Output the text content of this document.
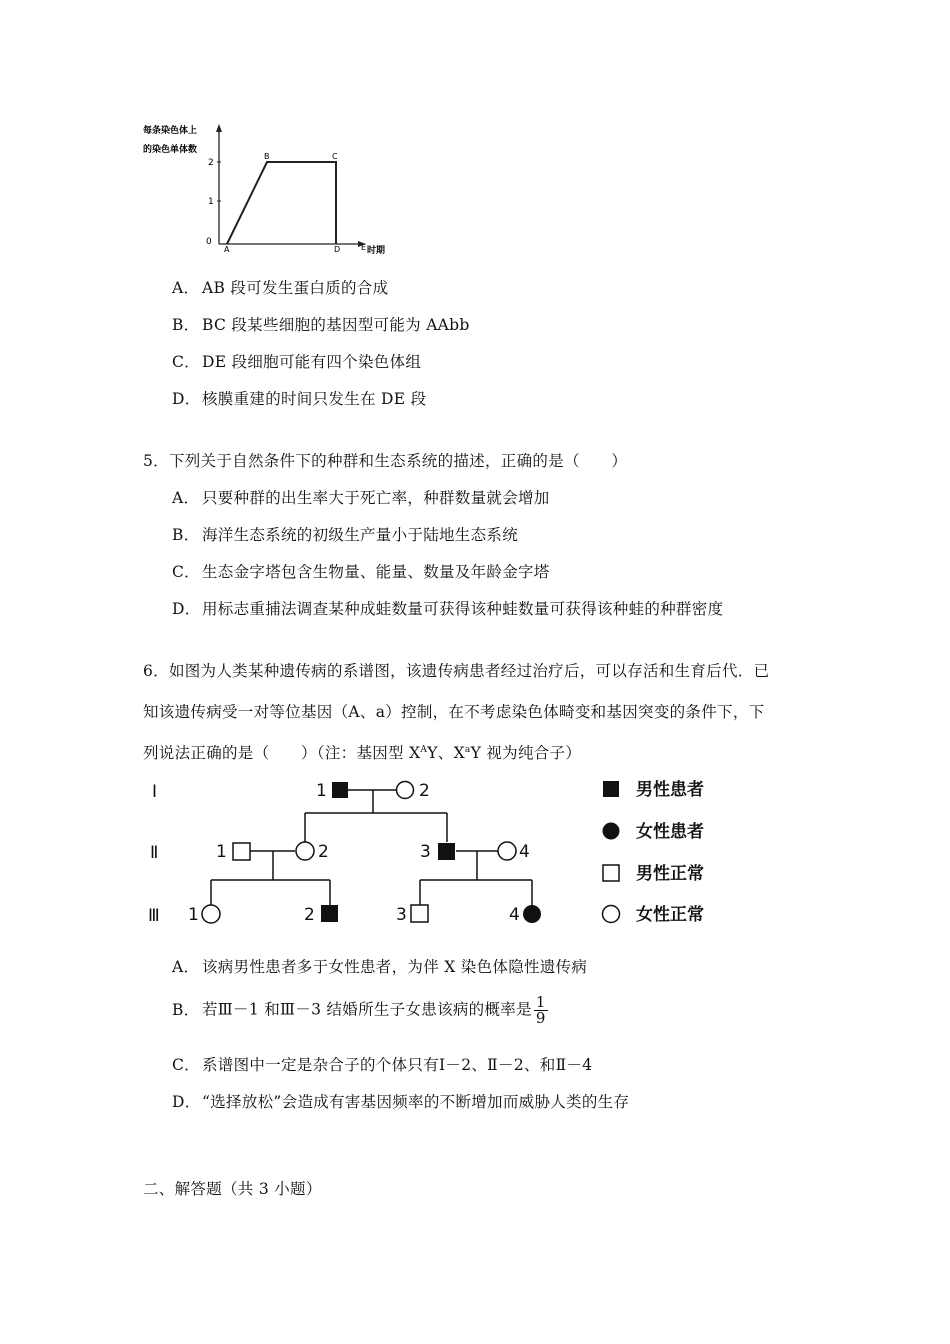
每条染色体上
的染色单体数
时期
2
1
0
A
B	C
D	E
A． AB 段可发生蛋白质的合成
B． BC 段某些细胞的基因型可能为 AAbb
C． DE 段细胞可能有四个染色体组
D．核膜重建的时间只发生在 DE 段
5．下列关于自然条件下的种群和生态系统的描述，正确的是（　　）
A． 只要种群的出生率大于死亡率，种群数量就会增加
B． 海洋生态系统的初级生产量小于陆地生态系统
C． 生态金字塔包含生物量、能量、数量及年龄金字塔
D．用标志重捕法调查某种成蛙数量可获得该种蛙数量可获得该种蛙的种群密度
6．如图为人类某种遗传病的系谱图，该遗传病患者经过治疗后，可以存活和生育后代．已
知该遗传病受一对等位基因（A、a）控制，在不考虑染色体畸变和基因突变的条件下，下
列说法正确的是（　　）（注：基因型 $X^AY$、$X^aY$ 视为纯合子）
Ⅰ
Ⅱ
Ⅲ
1	2
1	2	3	4
1	2	3	4
男性患者
女性患者
男性正常
女性正常
A． 该病男性患者多于女性患者，为伴 X 染色体隐性遗传病
B． 若Ⅲ－1 和Ⅲ－3 结婚所生子女患该病的概率是 $\frac{1}{9}$
C． 系谱图中一定是杂合子的个体只有Ⅰ－2、Ⅱ－2、和Ⅱ－4
D．“选择放松”会造成有害基因频率的不断增加而威胁人类的生存
二、解答题（共 3 小题）
